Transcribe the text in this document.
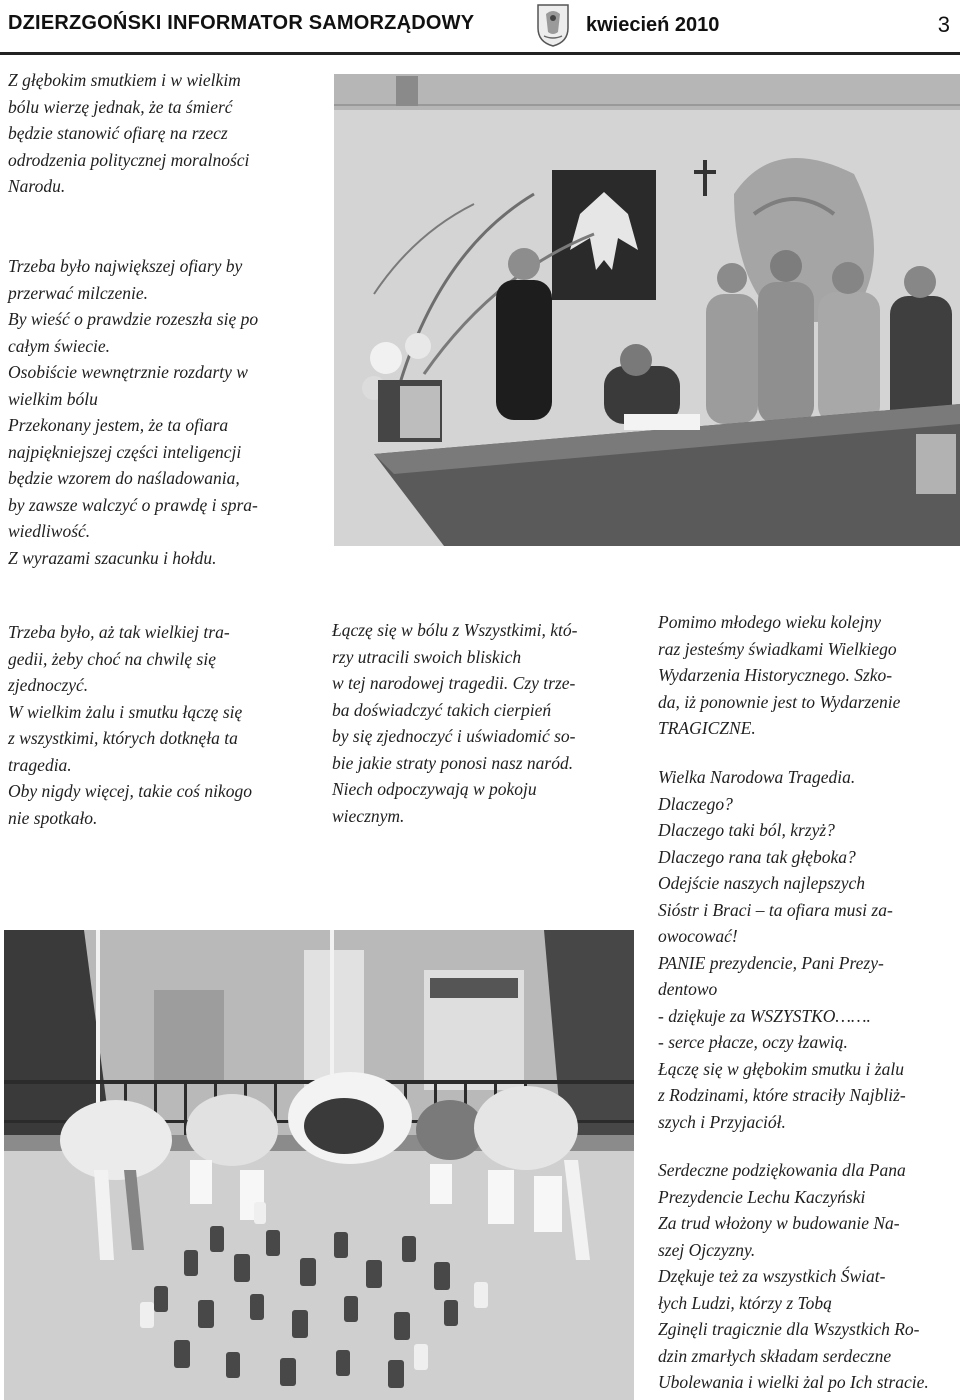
DZIERZGOŃSKI INFORMATOR SAMORZĄDOWY	kwiecień 2010	3

Z głębokim smutkiem i w wielkim
bólu wierzę jednak, że ta śmierć
będzie stanowić ofiarę na rzecz
odrodzenia politycznej moralności
Narodu.

Trzeba było największej ofiary by
przerwać milczenie.
By wieść o prawdzie rozeszła się po
całym świecie.
Osobiście wewnętrznie rozdarty w
wielkim bólu
Przekonany jestem, że ta ofiara
najpiękniejszej części inteligencji
będzie wzorem do naśladowania,
by zawsze walczyć o prawdę i spra-
wiedliwość.
Z wyrazami szacunku i hołdu.

Trzeba było, aż tak wielkiej tra-
gedii, żeby choć na chwilę się
zjednoczyć.
W wielkim żalu i smutku łączę się
z wszystkimi, których dotknęła ta
tragedia.
Oby nigdy więcej, takie coś nikogo
nie spotkało.

Łączę się w bólu z Wszystkimi, któ-
rzy utracili swoich bliskich
w tej narodowej tragedii. Czy trze-
ba doświadczyć takich cierpień
by się zjednoczyć i uświadomić so-
bie jakie straty ponosi nasz naród.
Niech odpoczywają w pokoju
wiecznym.

Pomimo młodego wieku kolejny
raz jesteśmy świadkami Wielkiego
Wydarzenia Historycznego. Szko-
da, iż ponownie jest to Wydarzenie
TRAGICZNE.

Wielka Narodowa Tragedia.
Dlaczego?
Dlaczego taki ból, krzyż?
Dlaczego rana tak głęboka?
Odejście naszych najlepszych
Sióstr i Braci – ta ofiara musi za-
owocować!
PANIE prezydencie, Pani Prezy-
dentowo
- dziękuje za WSZYSTKO…….
- serce płacze, oczy łzawią.
Łączę się w głębokim smutku i żalu
z Rodzinami, które straciły Najbliż-
szych i Przyjaciół.

Serdeczne podziękowania dla Pana
Prezydencie Lechu Kaczyński
Za trud włożony w budowanie Na-
szej Ojczyzny.
Dzękuje też za wszystkich Świat-
łych Ludzi, którzy z Tobą
Zginęli tragicznie dla Wszystkich Ro-
dzin zmarłych składam serdeczne
Ubolewania i wielki żal po Ich stracie.
